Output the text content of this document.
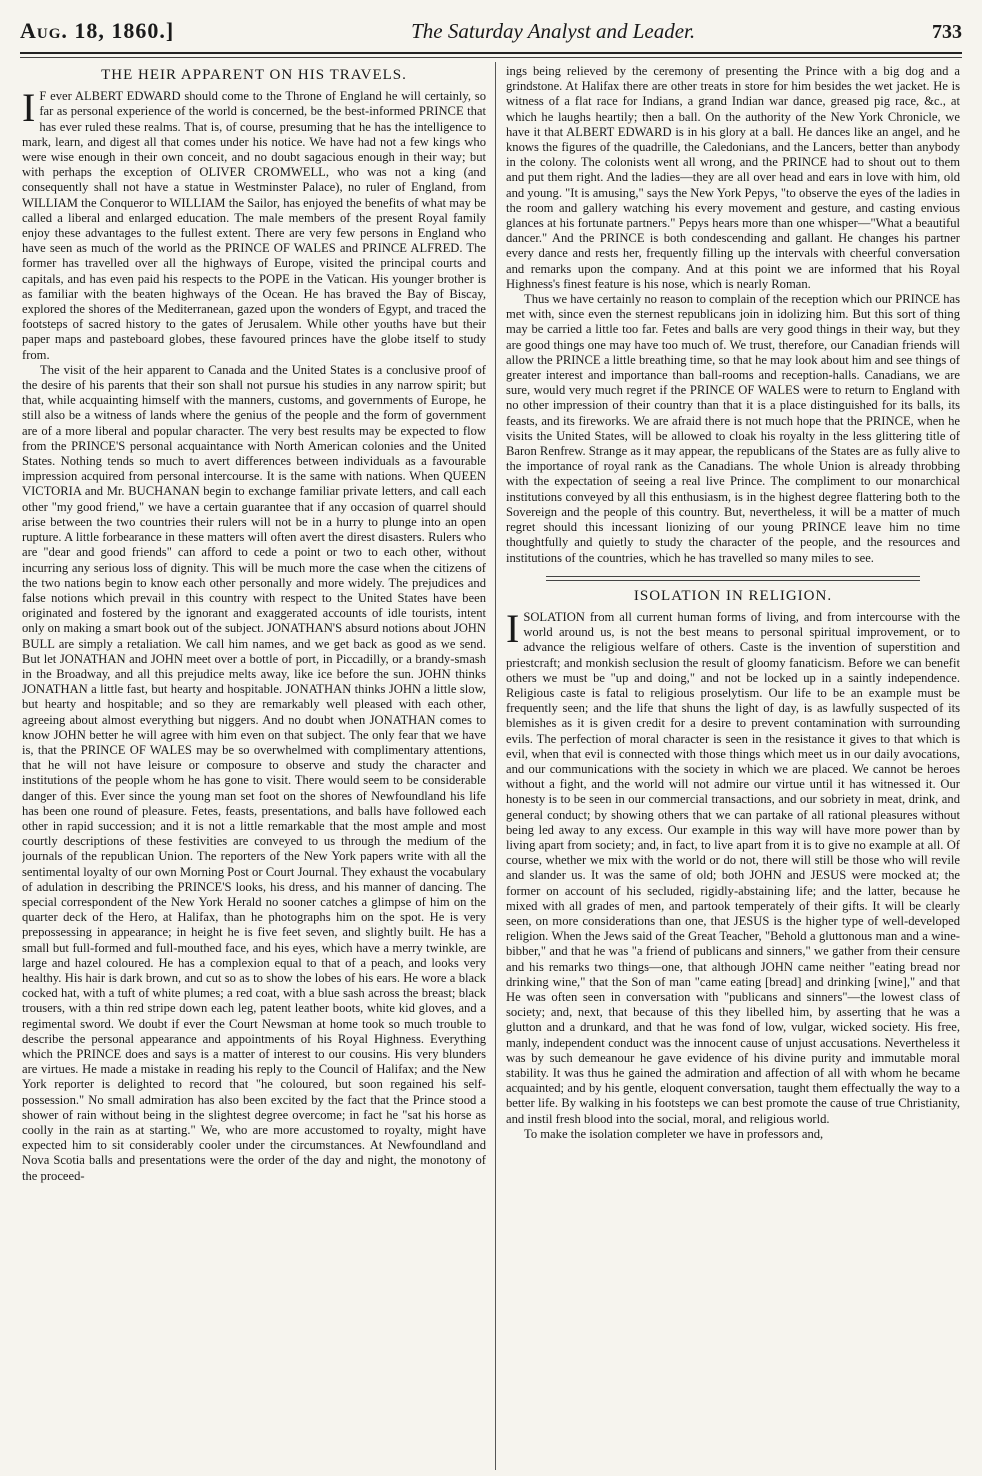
Aug. 18, 1860.]	The Saturday Analyst and Leader.	733
THE HEIR APPARENT ON HIS TRAVELS.

I F ever ALBERT EDWARD should come to the Throne of England he will certainly, so far as personal experience of the world is concerned, be the best-informed PRINCE that has ever ruled these realms. That is, of course, presuming that he has the intelligence to mark, learn, and digest all that comes under his notice. We have had not a few kings who were wise enough in their own conceit, and no doubt sagacious enough in their way; but with perhaps the exception of OLIVER CROMWELL, who was not a king (and consequently shall not have a statue in Westminster Palace), no ruler of England, from WILLIAM the Conqueror to WILLIAM the Sailor, has enjoyed the benefits of what may be called a liberal and enlarged education. The male members of the present Royal family enjoy these advantages to the fullest extent. There are very few persons in England who have seen as much of the world as the PRINCE OF WALES and PRINCE ALFRED. The former has travelled over all the highways of Europe, visited the principal courts and capitals, and has even paid his respects to the POPE in the Vatican. His younger brother is as familiar with the beaten highways of the Ocean. He has braved the Bay of Biscay, explored the shores of the Mediterranean, gazed upon the wonders of Egypt, and traced the footsteps of sacred history to the gates of Jerusalem. While other youths have but their paper maps and pasteboard globes, these favoured princes have the globe itself to study from.

The visit of the heir apparent to Canada and the United States is a conclusive proof of the desire of his parents that their son shall not pursue his studies in any narrow spirit; but that, while acquainting himself with the manners, customs, and governments of Europe, he still also be a witness of lands where the genius of the people and the form of government are of a more liberal and popular character. The very best results may be expected to flow from the PRINCE'S personal acquaintance with North American colonies and the United States. Nothing tends so much to avert differences between individuals as a favourable impression acquired from personal intercourse. It is the same with nations. When QUEEN VICTORIA and Mr. BUCHANAN begin to exchange familiar private letters, and call each other "my good friend," we have a certain guarantee that if any occasion of quarrel should arise between the two countries their rulers will not be in a hurry to plunge into an open rupture. A little forbearance in these matters will often avert the direst disasters. Rulers who are "dear and good friends" can afford to cede a point or two to each other, without incurring any serious loss of dignity. This will be much more the case when the citizens of the two nations begin to know each other personally and more widely. The prejudices and false notions which prevail in this country with respect to the United States have been originated and fostered by the ignorant and exaggerated accounts of idle tourists, intent only on making a smart book out of the subject. JONATHAN'S absurd notions about JOHN BULL are simply a retaliation. We call him names, and we get back as good as we send. But let JONATHAN and JOHN meet over a bottle of port, in Piccadilly, or a brandy-smash in the Broadway, and all this prejudice melts away, like ice before the sun. JOHN thinks JONATHAN a little fast, but hearty and hospitable. JONATHAN thinks JOHN a little slow, but hearty and hospitable; and so they are remarkably well pleased with each other, agreeing about almost everything but niggers. And no doubt when JONATHAN comes to know JOHN better he will agree with him even on that subject. The only fear that we have is, that the PRINCE OF WALES may be so overwhelmed with complimentary attentions, that he will not have leisure or composure to observe and study the character and institutions of the people whom he has gone to visit. There would seem to be considerable danger of this. Ever since the young man set foot on the shores of Newfoundland his life has been one round of pleasure. Fetes, feasts, presentations, and balls have followed each other in rapid succession; and it is not a little remarkable that the most ample and most courtly descriptions of these festivities are conveyed to us through the medium of the journals of the republican Union. The reporters of the New York papers write with all the sentimental loyalty of our own Morning Post or Court Journal. They exhaust the vocabulary of adulation in describing the PRINCE'S looks, his dress, and his manner of dancing. The special correspondent of the New York Herald no sooner catches a glimpse of him on the quarter deck of the Hero, at Halifax, than he photographs him on the spot. He is very prepossessing in appearance; in height he is five feet seven, and slightly built. He has a small but full-formed and full-mouthed face, and his eyes, which have a merry twinkle, are large and hazel coloured. He has a complexion equal to that of a peach, and looks very healthy. His hair is dark brown, and cut so as to show the lobes of his ears. He wore a black cocked hat, with a tuft of white plumes; a red coat, with a blue sash across the breast; black trousers, with a thin red stripe down each leg, patent leather boots, white kid gloves, and a regimental sword. We doubt if ever the Court Newsman at home took so much trouble to describe the personal appearance and appointments of his Royal Highness. Everything which the PRINCE does and says is a matter of interest to our cousins. His very blunders are virtues. He made a mistake in reading his reply to the Council of Halifax; and the New York reporter is delighted to record that "he coloured, but soon regained his self-possession." No small admiration has also been excited by the fact that the Prince stood a shower of rain without being in the slightest degree overcome; in fact he "sat his horse as coolly in the rain as at starting." We, who are more accustomed to royalty, might have expected him to sit considerably cooler under the circumstances. At Newfoundland and Nova Scotia balls and presentations were the order of the day and night, the monotony of the proceed-

ings being relieved by the ceremony of presenting the Prince with a big dog and a grindstone. At Halifax there are other treats in store for him besides the wet jacket. He is witness of a flat race for Indians, a grand Indian war dance, greased pig race, &c., at which he laughs heartily; then a ball. On the authority of the New York Chronicle, we have it that ALBERT EDWARD is in his glory at a ball. He dances like an angel, and he knows the figures of the quadrille, the Caledonians, and the Lancers, better than anybody in the colony. The colonists went all wrong, and the PRINCE had to shout out to them and put them right. And the ladies—they are all over head and ears in love with him, old and young. "It is amusing," says the New York Pepys, "to observe the eyes of the ladies in the room and gallery watching his every movement and gesture, and casting envious glances at his fortunate partners." Pepys hears more than one whisper—"What a beautiful dancer." And the PRINCE is both condescending and gallant. He changes his partner every dance and rests her, frequently filling up the intervals with cheerful conversation and remarks upon the company. And at this point we are informed that his Royal Highness's finest feature is his nose, which is nearly Roman.

Thus we have certainly no reason to complain of the reception which our PRINCE has met with, since even the sternest republicans join in idolizing him. But this sort of thing may be carried a little too far. Fetes and balls are very good things in their way, but they are good things one may have too much of. We trust, therefore, our Canadian friends will allow the PRINCE a little breathing time, so that he may look about him and see things of greater interest and importance than ball-rooms and reception-halls. Canadians, we are sure, would very much regret if the PRINCE OF WALES were to return to England with no other impression of their country than that it is a place distinguished for its balls, its feasts, and its fireworks. We are afraid there is not much hope that the PRINCE, when he visits the United States, will be allowed to cloak his royalty in the less glittering title of Baron Renfrew. Strange as it may appear, the republicans of the States are as fully alive to the importance of royal rank as the Canadians. The whole Union is already throbbing with the expectation of seeing a real live Prince. The compliment to our monarchical institutions conveyed by all this enthusiasm, is in the highest degree flattering both to the Sovereign and the people of this country. But, nevertheless, it will be a matter of much regret should this incessant lionizing of our young PRINCE leave him no time thoughtfully and quietly to study the character of the people, and the resources and institutions of the countries, which he has travelled so many miles to see.

ISOLATION IN RELIGION.

ISOLATION from all current human forms of living, and from intercourse with the world around us, is not the best means to personal spiritual improvement, or to advance the religious welfare of others. Caste is the invention of superstition and priestcraft; and monkish seclusion the result of gloomy fanaticism. Before we can benefit others we must be "up and doing," and not be locked up in a saintly independence. Religious caste is fatal to religious proselytism. Our life to be an example must be frequently seen; and the life that shuns the light of day, is as lawfully suspected of its blemishes as it is given credit for a desire to prevent contamination with surrounding evils. The perfection of moral character is seen in the resistance it gives to that which is evil, when that evil is connected with those things which meet us in our daily avocations, and our communications with the society in which we are placed. We cannot be heroes without a fight, and the world will not admire our virtue until it has witnessed it. Our honesty is to be seen in our commercial transactions, and our sobriety in meat, drink, and general conduct; by showing others that we can partake of all rational pleasures without being led away to any excess. Our example in this way will have more power than by living apart from society; and, in fact, to live apart from it is to give no example at all. Of course, whether we mix with the world or do not, there will still be those who will revile and slander us. It was the same of old; both JOHN and JESUS were mocked at; the former on account of his secluded, rigidly-abstaining life; and the latter, because he mixed with all grades of men, and partook temperately of their gifts. It will be clearly seen, on more considerations than one, that JESUS is the higher type of well-developed religion. When the Jews said of the Great Teacher, "Behold a gluttonous man and a wine-bibber," and that he was "a friend of publicans and sinners," we gather from their censure and his remarks two things—one, that although JOHN came neither "eating bread nor drinking wine," that the Son of man "came eating [bread] and drinking [wine]," and that He was often seen in conversation with "publicans and sinners"—the lowest class of society; and, next, that because of this they libelled him, by asserting that he was a glutton and a drunkard, and that he was fond of low, vulgar, wicked society. His free, manly, independent conduct was the innocent cause of unjust accusations. Nevertheless it was by such demeanour he gave evidence of his divine purity and immutable moral stability. It was thus he gained the admiration and affection of all with whom he became acquainted; and by his gentle, eloquent conversation, taught them effectually the way to a better life. By walking in his footsteps we can best promote the cause of true Christianity, and instil fresh blood into the social, moral, and religious world.

To make the isolation completer we have in professors and,
